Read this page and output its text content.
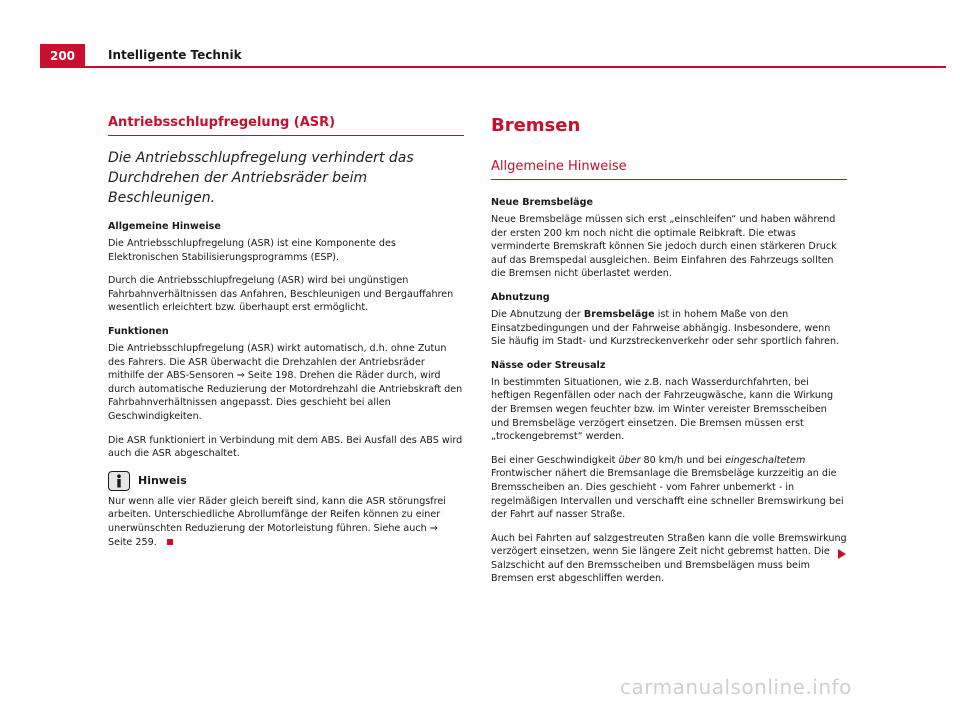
200	Intelligente Technik
Antriebsschlupfregelung (ASR)
Die Antriebsschlupfregelung verhindert das Durchdrehen der Antriebsräder beim Beschleunigen.
Allgemeine Hinweise

Die Antriebsschlupfregelung (ASR) ist eine Komponente des Elektronischen Stabilisierungsprogramms (ESP).

Durch die Antriebsschlupfregelung (ASR) wird bei ungünstigen Fahrbahnverhältnissen das Anfahren, Beschleunigen und Bergauffahren wesentlich erleichtert bzw. überhaupt erst ermöglicht.

Funktionen

Die Antriebsschlupfregelung (ASR) wirkt automatisch, d.h. ohne Zutun des Fahrers. Die ASR überwacht die Drehzahlen der Antriebsräder mithilfe der ABS-Sensoren ⇒ Seite 198. Drehen die Räder durch, wird durch automatische Reduzierung der Motordrehzahl die Antriebskraft den Fahrbahnverhältnissen angepasst. Dies geschieht bei allen Geschwindigkeiten.

Die ASR funktioniert in Verbindung mit dem ABS. Bei Ausfall des ABS wird auch die ASR abgeschaltet.

Hinweis

Nur wenn alle vier Räder gleich bereift sind, kann die ASR störungsfrei arbeiten. Unterschiedliche Abrollumfänge der Reifen können zu einer unerwünschten Reduzierung der Motorleistung führen. Siehe auch ⇒ Seite 259.

Bremsen
Allgemeine Hinweise
Neue Bremsbeläge

Neue Bremsbeläge müssen sich erst „einschleifen“ und haben während der ersten 200 km noch nicht die optimale Reibkraft. Die etwas verminderte Bremskraft können Sie jedoch durch einen stärkeren Druck auf das Bremspedal ausgleichen. Beim Einfahren des Fahrzeugs sollten die Bremsen nicht überlastet werden.

Abnutzung

Die Abnutzung der Bremsbeläge ist in hohem Maße von den Einsatzbedingungen und der Fahrweise abhängig. Insbesondere, wenn Sie häufig im Stadt- und Kurzstreckenverkehr oder sehr sportlich fahren.

Nässe oder Streusalz

In bestimmten Situationen, wie z.B. nach Wasserdurchfahrten, bei heftigen Regenfällen oder nach der Fahrzeugwäsche, kann die Wirkung der Bremsen wegen feuchter bzw. im Winter vereister Bremsscheiben und Bremsbeläge verzögert einsetzen. Die Bremsen müssen erst „trockengebremst“ werden.

Bei einer Geschwindigkeit über 80 km/h und bei eingeschaltetem Frontwischer nähert die Bremsanlage die Bremsbeläge kurzzeitig an die Bremsscheiben an. Dies geschieht - vom Fahrer unbemerkt - in regelmäßigen Intervallen und verschafft eine schneller Bremswirkung bei der Fahrt auf nasser Straße.

Auch bei Fahrten auf salzgestreuten Straßen kann die volle Bremswirkung verzögert einsetzen, wenn Sie längere Zeit nicht gebremst hatten. Die Salzschicht auf den Bremsscheiben und Bremsbelägen muss beim Bremsen erst abgeschliffen werden.

carmanualsonline.info
